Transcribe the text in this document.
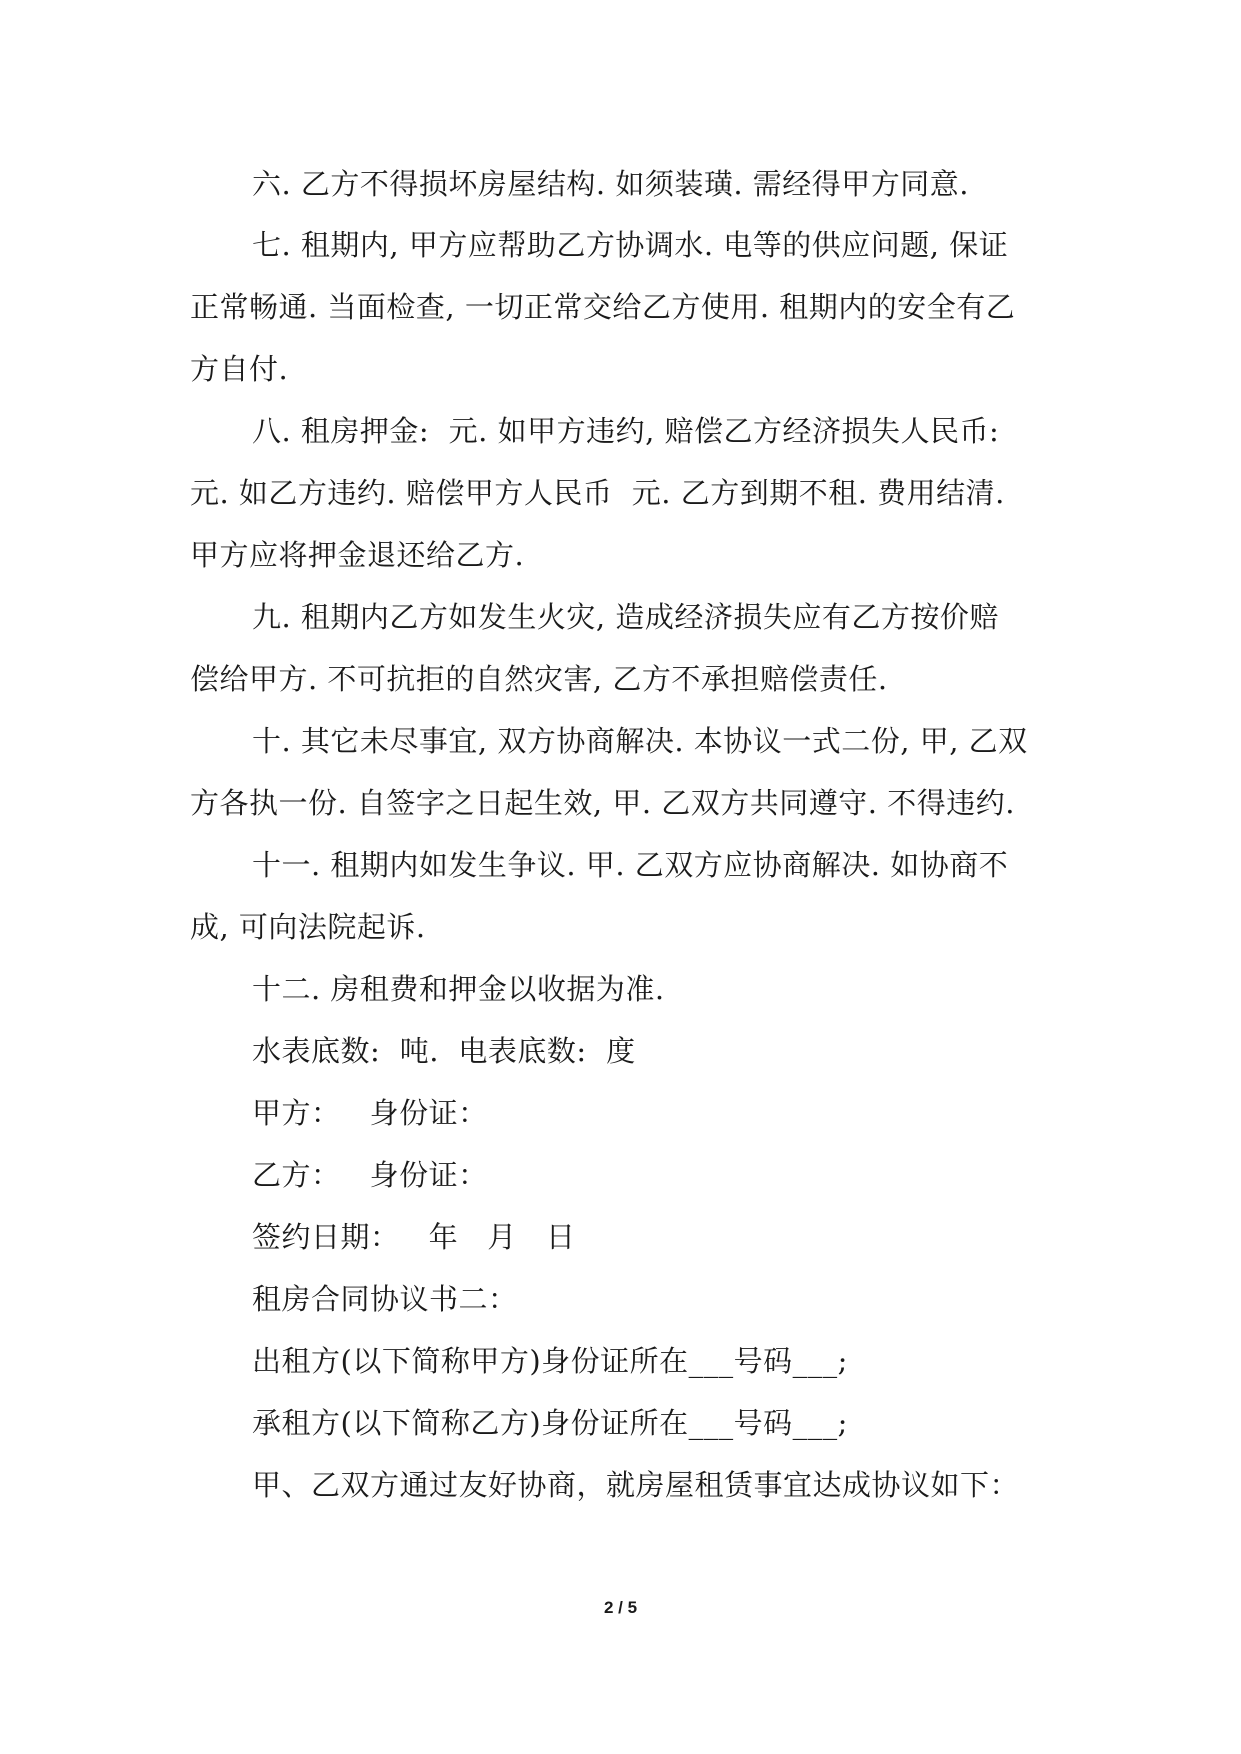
六. 乙方不得损坏房屋结构. 如须装璜. 需经得甲方同意.
七. 租期内, 甲方应帮助乙方协调水. 电等的供应问题, 保证
正常畅通. 当面检查, 一切正常交给乙方使用. 租期内的安全有乙
方自付.
八. 租房押金:  元. 如甲方违约, 赔偿乙方经济损失人民币:
元. 如乙方违约. 赔偿甲方人民币  元. 乙方到期不租. 费用结清.
甲方应将押金退还给乙方.
九. 租期内乙方如发生火灾, 造成经济损失应有乙方按价赔
偿给甲方. 不可抗拒的自然灾害, 乙方不承担赔偿责任.
十. 其它未尽事宜, 双方协商解决. 本协议一式二份, 甲, 乙双
方各执一份. 自签字之日起生效, 甲. 乙双方共同遵守. 不得违约.
十一. 租期内如发生争议. 甲. 乙双方应协商解决. 如协商不
成, 可向法院起诉.
十二. 房租费和押金以收据为准.
水表底数:  吨.  电表底数:  度
甲方：   身份证：
乙方：   身份证：
签约日期：   年   月   日
租房合同协议书二：
出租方(以下简称甲方)身份证所在___号码___;
承租方(以下简称乙方)身份证所在___号码___;
甲、乙双方通过友好协商，就房屋租赁事宜达成协议如下：
2 / 5
